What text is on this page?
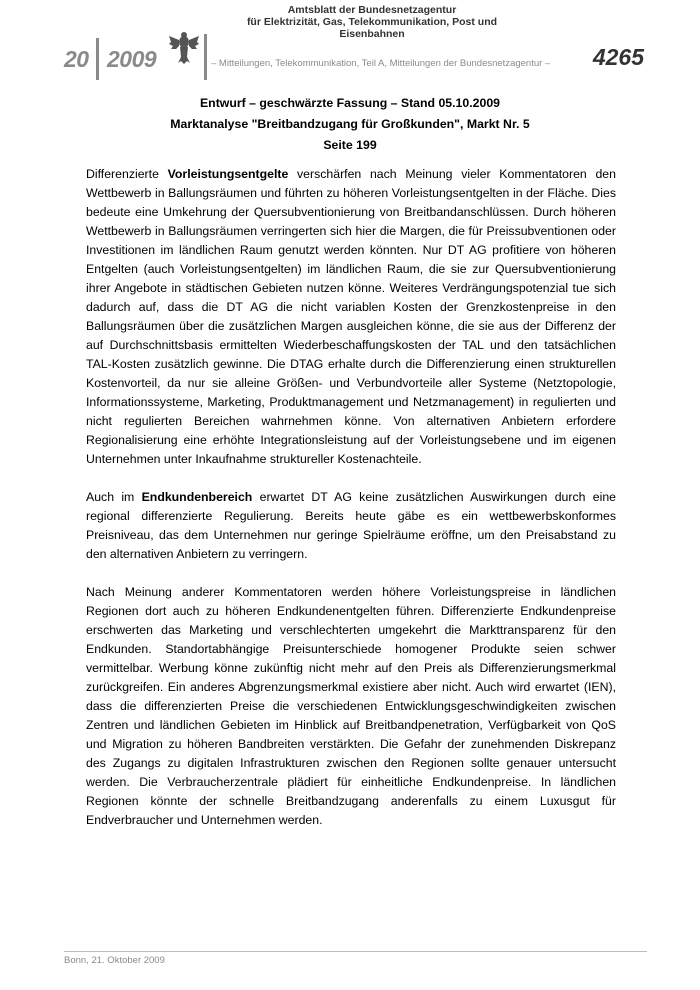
20 2009
Amtsblatt der Bundesnetzagentur
für Elektrizität, Gas, Telekommunikation, Post und Eisenbahnen
– Mitteilungen, Telekommunikation, Teil A, Mitteilungen der Bundesnetzagentur – 4265
Entwurf – geschwärzte Fassung – Stand 05.10.2009
Marktanalyse "Breitbandzugang für Großkunden", Markt Nr. 5
Seite 199

Differenzierte Vorleistungsentgelte verschärfen nach Meinung vieler Kommentatoren den Wettbewerb in Ballungsräumen und führten zu höheren Vorleistungsentgelten in der Fläche. Dies bedeute eine Umkehrung der Quersubventionierung von Breitbandanschlüssen. Durch höheren Wettbewerb in Ballungsräumen verringerten sich hier die Margen, die für Preissubventionen oder Investitionen im ländlichen Raum genutzt werden könnten. Nur DT AG profitiere von höheren Entgelten (auch Vorleistungsentgelten) im ländlichen Raum, die sie zur Quersubventionierung ihrer Angebote in städtischen Gebieten nutzen könne. Weiteres Verdrängungspotenzial tue sich dadurch auf, dass die DT AG die nicht variablen Kosten der Grenzkostenpreise in den Ballungsräumen über die zusätzlichen Margen ausgleichen könne, die sie aus der Differenz der auf Durchschnittsbasis ermittelten Wiederbeschaffungskosten der TAL und den tatsächlichen TAL-Kosten zusätzlich gewinne. Die DTAG erhalte durch die Differenzierung einen strukturellen Kostenvorteil, da nur sie alleine Größen- und Verbundvorteile aller Systeme (Netztopologie, Informationssysteme, Marketing, Produktmanagement und Netzmanagement) in regulierten und nicht regulierten Bereichen wahrnehmen könne. Von alternativen Anbietern erfordere Regionalisierung eine erhöhte Integrationsleistung auf der Vorleistungsebene und im eigenen Unternehmen unter Inkaufnahme struktureller Kostenachteile.

Auch im Endkundenbereich erwartet DT AG keine zusätzlichen Auswirkungen durch eine regional differenzierte Regulierung. Bereits heute gäbe es ein wettbewerbskonformes Preisniveau, das dem Unternehmen nur geringe Spielräume eröffne, um den Preisabstand zu den alternativen Anbietern zu verringern.

Nach Meinung anderer Kommentatoren werden höhere Vorleistungspreise in ländlichen Regionen dort auch zu höheren Endkundenentgelten führen. Differenzierte Endkundenpreise erschwerten das Marketing und verschlechterten umgekehrt die Markttransparenz für den Endkunden. Standortabhängige Preisunterschiede homogener Produkte seien schwer vermittelbar. Werbung könne zukünftig nicht mehr auf den Preis als Differenzierungsmerkmal zurückgreifen. Ein anderes Abgrenzungsmerkmal existiere aber nicht. Auch wird erwartet (IEN), dass die differenzierten Preise die verschiedenen Entwicklungsgeschwindigkeiten zwischen Zentren und ländlichen Gebieten im Hinblick auf Breitbandpenetration, Verfügbarkeit von QoS und Migration zu höheren Bandbreiten verstärkten. Die Gefahr der zunehmenden Diskrepanz des Zugangs zu digitalen Infrastrukturen zwischen den Regionen sollte genauer untersucht werden. Die Verbraucherzentrale plädiert für einheitliche Endkundenpreise. In ländlichen Regionen könnte der schnelle Breitbandzugang anderenfalls zu einem Luxusgut für Endverbraucher und Unternehmen werden.

Bonn, 21. Oktober 2009
